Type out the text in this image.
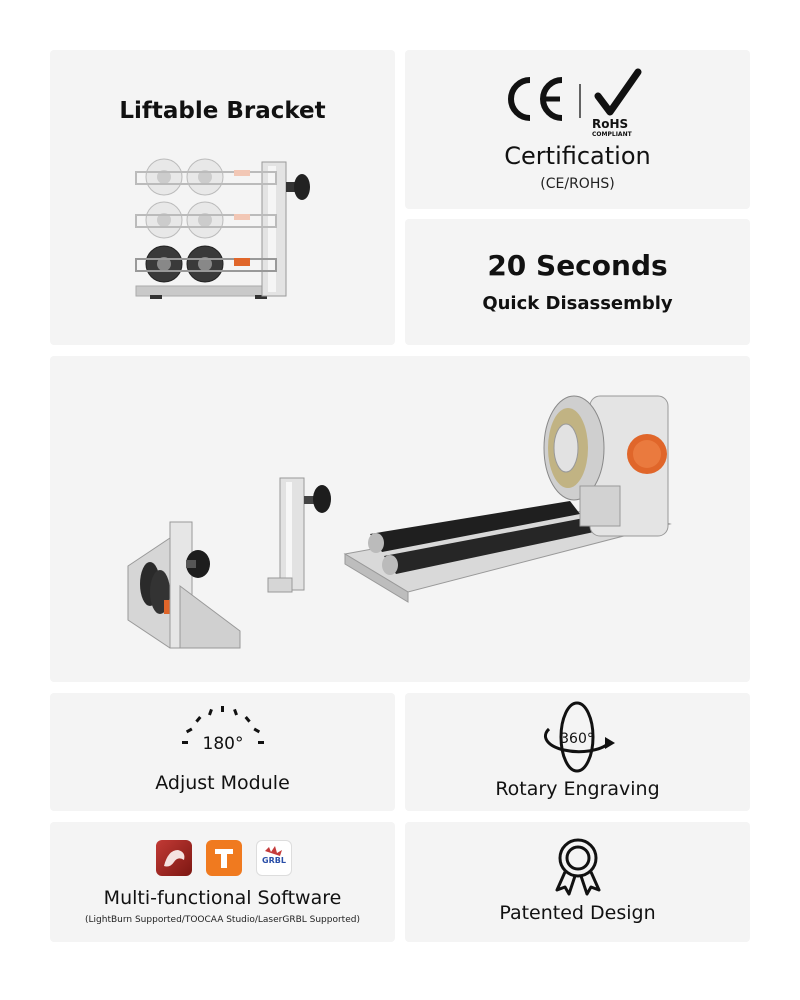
Liftable Bracket	RoHS
COMPLIANT
Certification
(CE/ROHS)
20 Seconds
Quick Disassembly
180°
Adjust Module
360°
Rotary Engraving
GRBL
Multi-functional Software
(LightBurn Supported/TOOCAA Studio/LaserGRBL Supported)	Patented Design
